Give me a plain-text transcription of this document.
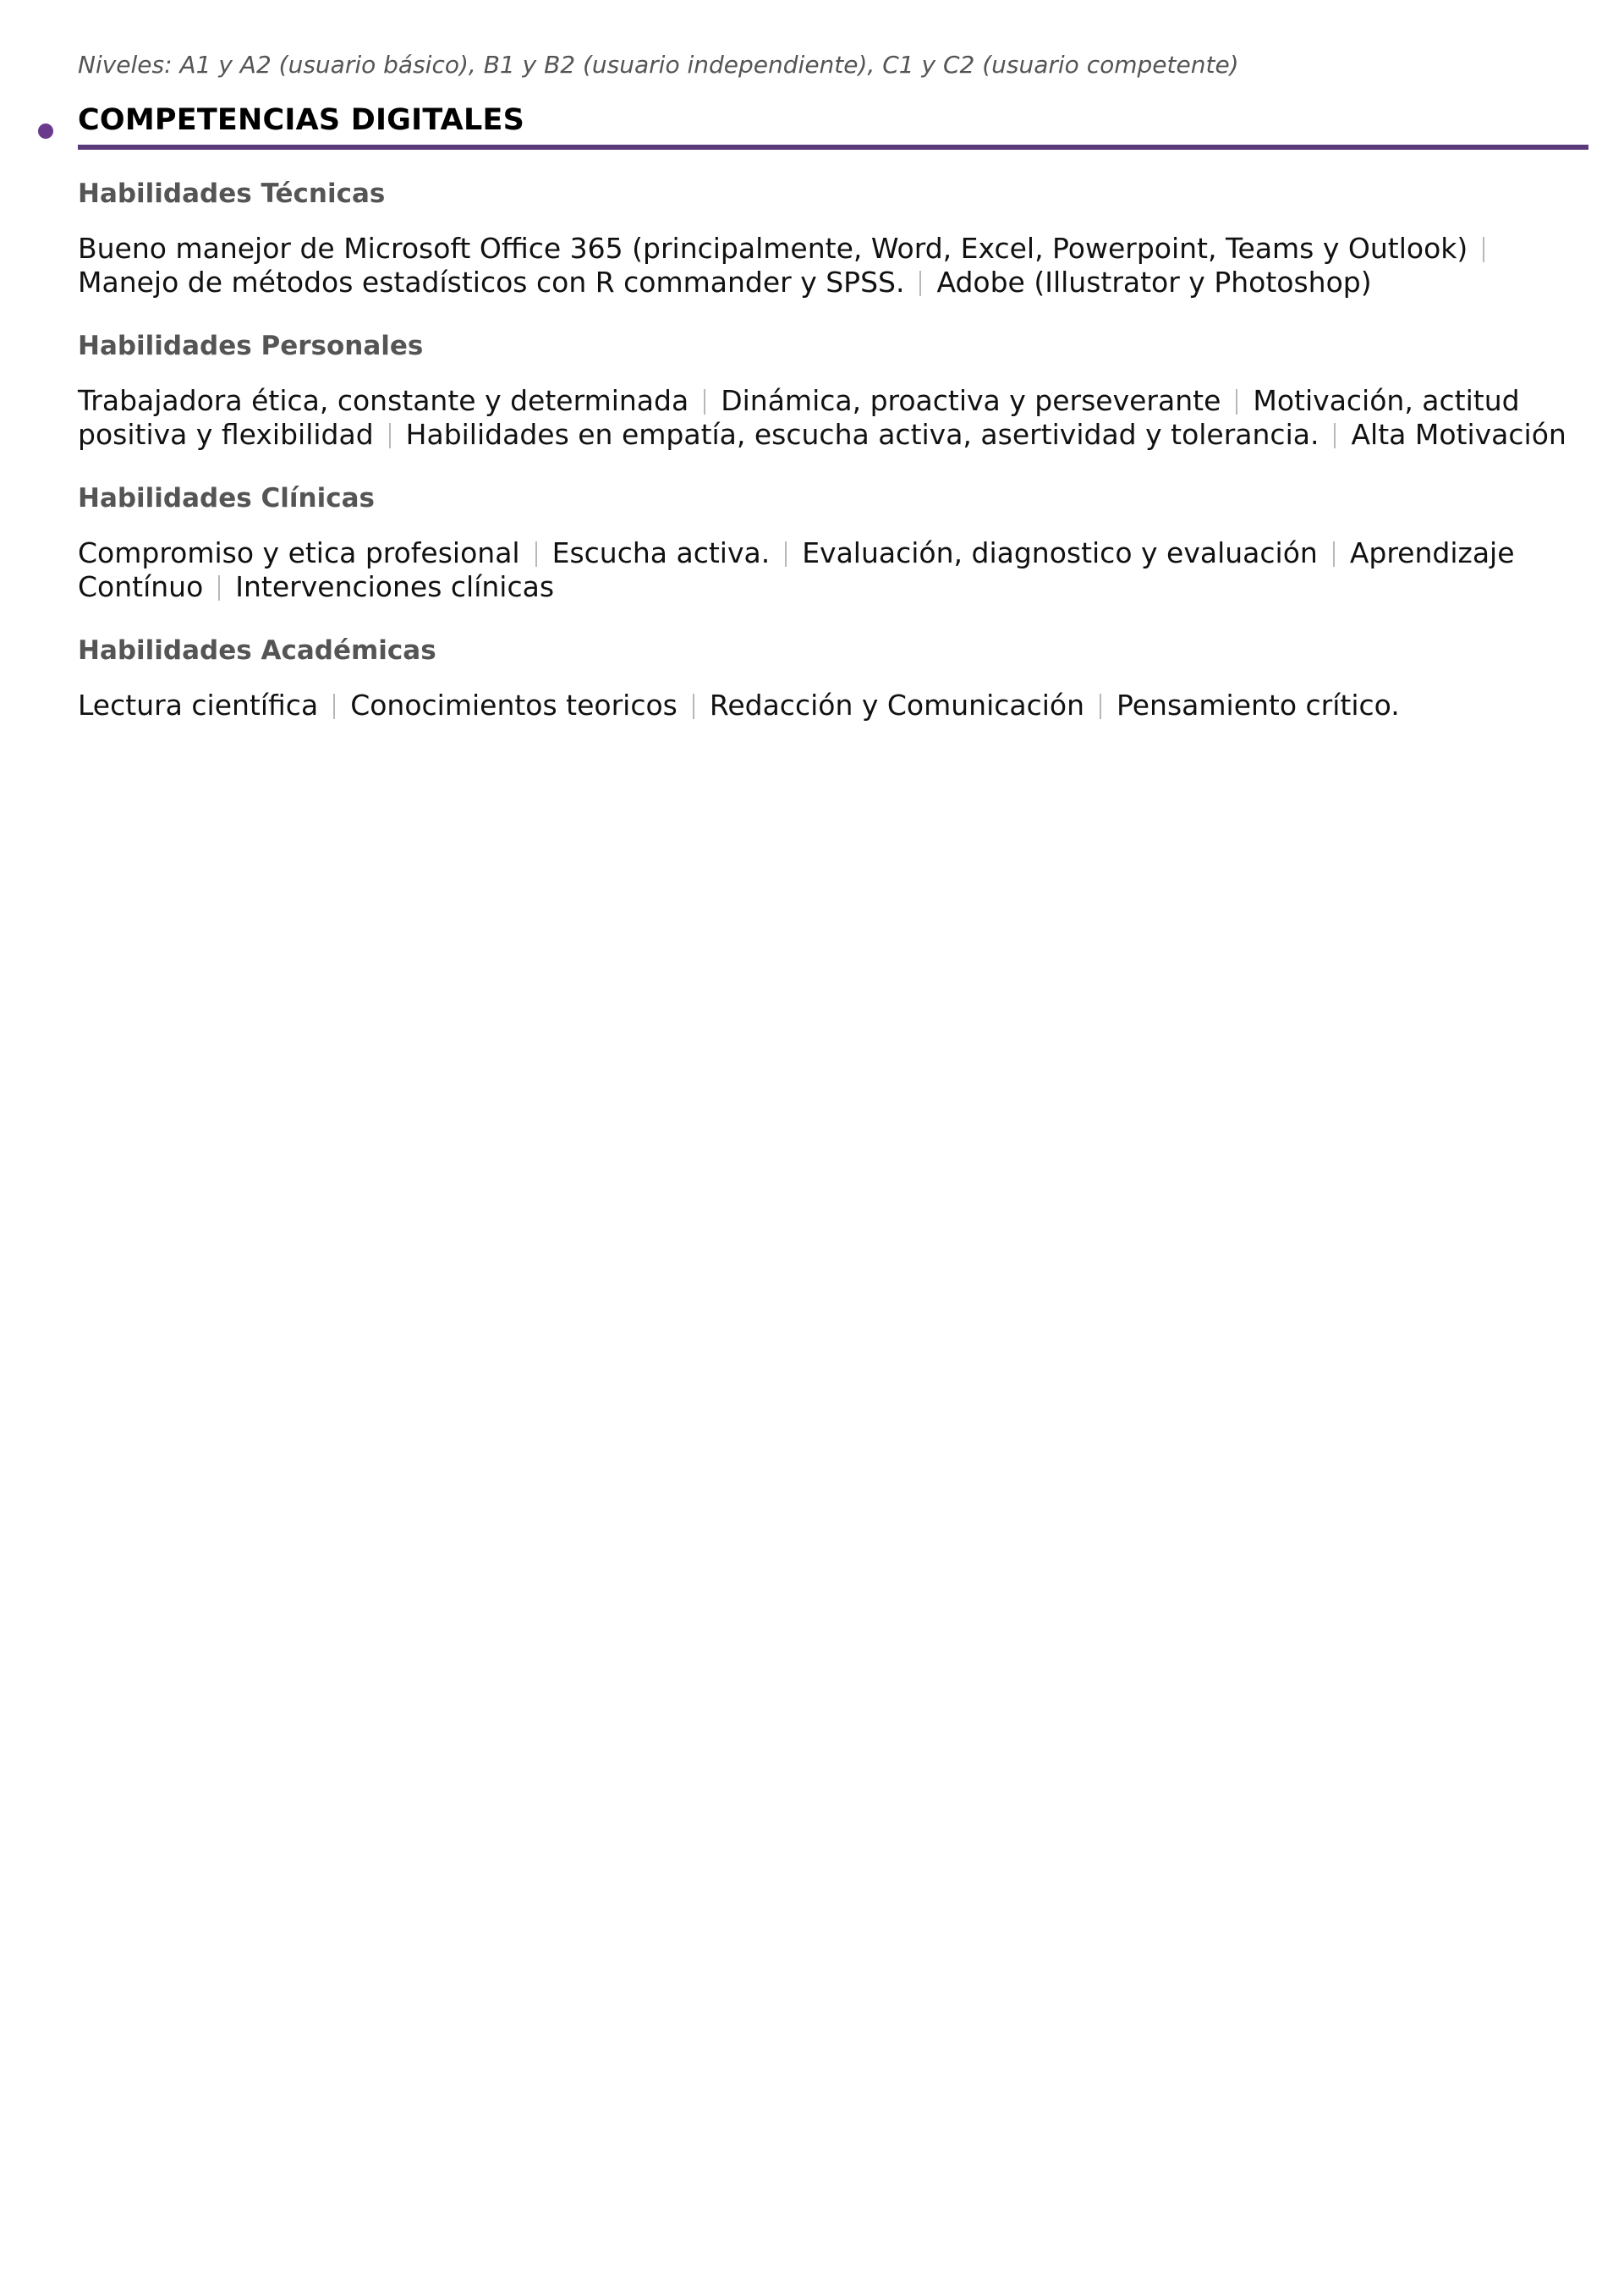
Niveles: A1 y A2 (usuario básico), B1 y B2 (usuario independiente), C1 y C2 (usuario competente)
COMPETENCIAS DIGITALES
Habilidades Técnicas
Bueno manejor de Microsoft Office 365 (principalmente, Word, Excel, Powerpoint, Teams y Outlook)Manejo de métodos estadísticos con R commander y SPSS. Adobe (Illustrator y Photoshop)
Habilidades Personales
Trabajadora ética, constante y determinada Dinámica, proactiva y perseverante Motivación, actitud positiva y flexibilidad Habilidades en empatía, escucha activa, asertividad y tolerancia. Alta Motivación
Habilidades Clínicas
Compromiso y etica profesional Escucha activa. Evaluación, diagnostico y evaluación Aprendizaje Contínuo Intervenciones clínicas
Habilidades Académicas
Lectura científica Conocimientos teoricos Redacción y Comunicación Pensamiento crítico.
